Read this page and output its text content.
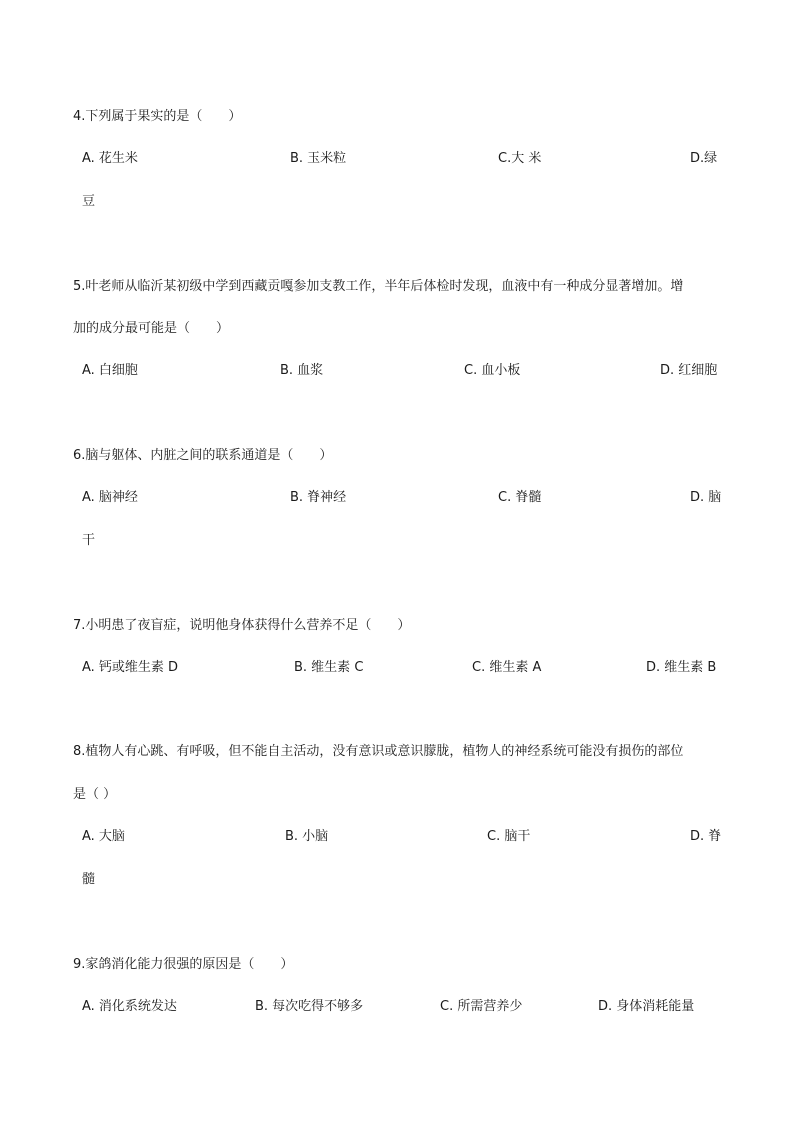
4.下列属于果实的是（　　）
A. 花生米	B. 玉米粒	C.大 米	D.绿
豆
5.叶老师从临沂某初级中学到西藏贡嘎参加支教工作，半年后体检时发现，血液中有一种成分显著增加。增
加的成分最可能是（　　）
A. 白细胞	B. 血浆	C. 血小板	D. 红细胞
6.脑与躯体、内脏之间的联系通道是（　　）
A. 脑神经	B. 脊神经	C. 脊髓	D. 脑
干
7.小明患了夜盲症，说明他身体获得什么营养不足（　　）
A. 钙或维生素 D	B. 维生素 C	C. 维生素 A	D. 维生素 B
8.植物人有心跳、有呼吸，但不能自主活动，没有意识或意识朦胧，植物人的神经系统可能没有损伤的部位
是（ ）
A. 大脑	B. 小脑	C. 脑干	D. 脊
髓
9.家鸽消化能力很强的原因是（　　）
A. 消化系统发达	B. 每次吃得不够多	C. 所需营养少	D. 身体消耗能量
